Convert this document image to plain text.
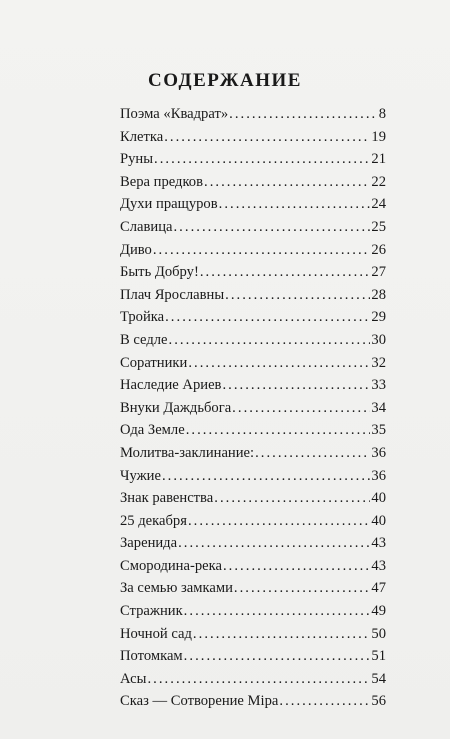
СОДЕРЖАНИЕ
Поэма «Квадрат» . . .	8
Клетка . . .	19
Руны . . .	21
Вера предков . . .	22
Духи пращуров . . .	24
Славица . . .	25
Диво . . .	26
Быть Добру! . . .	27
Плач Ярославны . . .	28
Тройка . . .	29
В седле . . .	30
Соратники . . .	32
Наследие Ариев . . .	33
Внуки Даждьбога . . .	34
Ода Земле . . .	35
Молитва-заклинание: . . .	36
Чужие . . .	36
Знак равенства . . .	40
25 декабря . . .	40
Заренида . . .	43
Смородина-река . . .	43
За семью замками . . .	47
Стражник . . .	49
Ночной сад . . .	50
Потомкам . . .	51
Асы . . .	54
Сказ — Сотворение Міра . . .	56
